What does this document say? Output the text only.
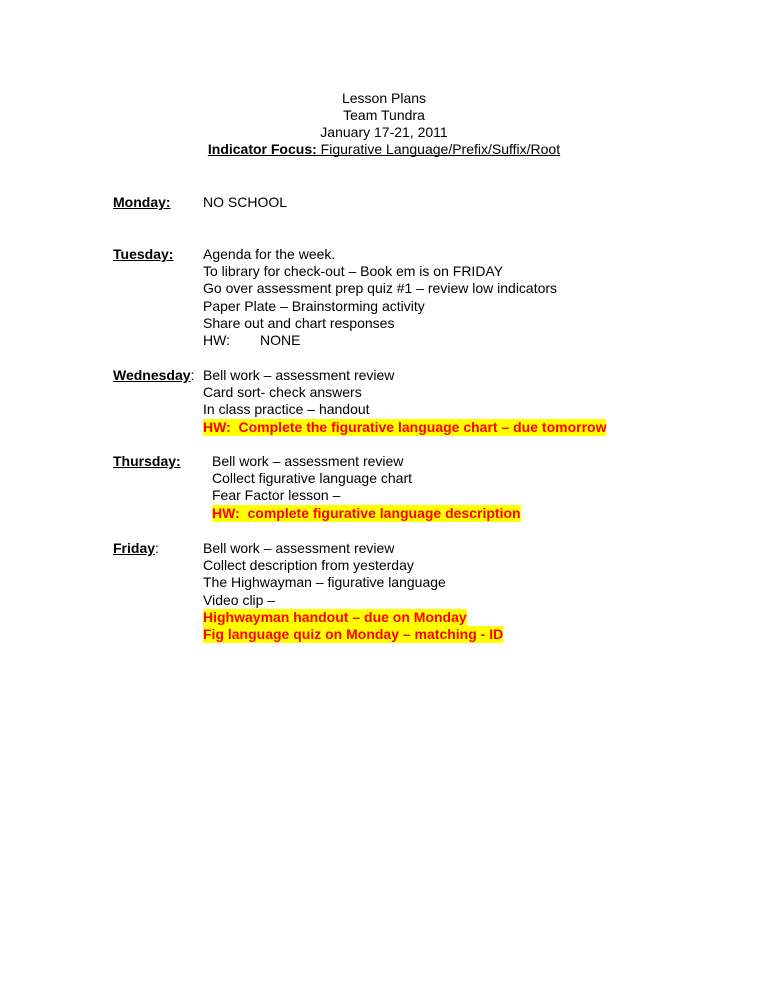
Lesson Plans
Team Tundra
January 17-21, 2011
Indicator Focus: Figurative Language/Prefix/Suffix/Root
Monday: NO SCHOOL
Tuesday: Agenda for the week.
To library for check-out – Book em is on FRIDAY
Go over assessment prep quiz #1 – review low indicators
Paper Plate – Brainstorming activity
Share out and chart responses
HW: NONE
Wednesday: Bell work – assessment review
Card sort- check answers
In class practice – handout
HW:  Complete the figurative language chart – due tomorrow
Thursday: Bell work – assessment review
Collect figurative language chart
Fear Factor lesson –
HW:  complete figurative language description
Friday:	Bell work – assessment review
Collect description from yesterday
The Highwayman – figurative language
Video clip –
Highwayman handout – due on Monday
Fig language quiz on Monday – matching - ID
